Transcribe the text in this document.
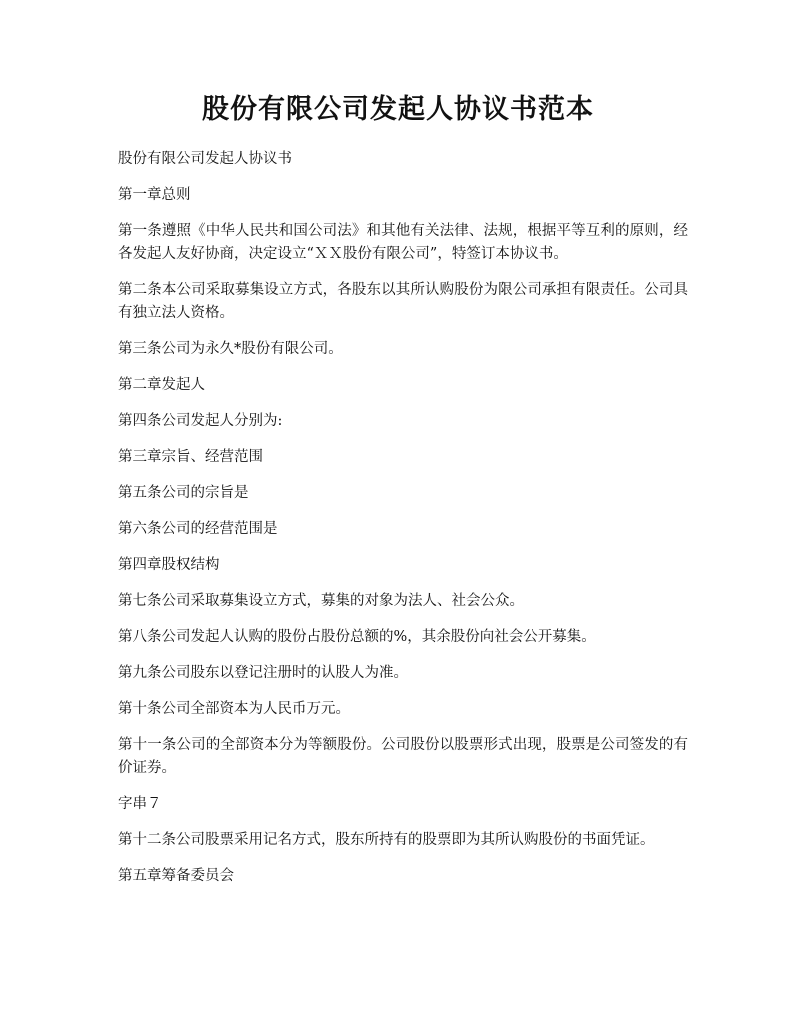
股份有限公司发起人协议书范本

股份有限公司发起人协议书

第一章总则

第一条遵照《中华人民共和国公司法》和其他有关法律、法规，根据平等互利的原则，经各发起人友好协商，决定设立“ＸＸ股份有限公司”，特签订本协议书。

第二条本公司采取募集设立方式，各股东以其所认购股份为限公司承担有限责任。公司具有独立法人资格。

第三条公司为永久*股份有限公司。

第二章发起人

第四条公司发起人分别为:

第三章宗旨、经营范围

第五条公司的宗旨是

第六条公司的经营范围是

第四章股权结构

第七条公司采取募集设立方式，募集的对象为法人、社会公众。

第八条公司发起人认购的股份占股份总额的%，其余股份向社会公开募集。

第九条公司股东以登记注册时的认股人为准。

第十条公司全部资本为人民币万元。

第十一条公司的全部资本分为等额股份。公司股份以股票形式出现，股票是公司签发的有价证券。

字串７

第十二条公司股票采用记名方式，股东所持有的股票即为其所认购股份的书面凭证。

第五章筹备委员会
